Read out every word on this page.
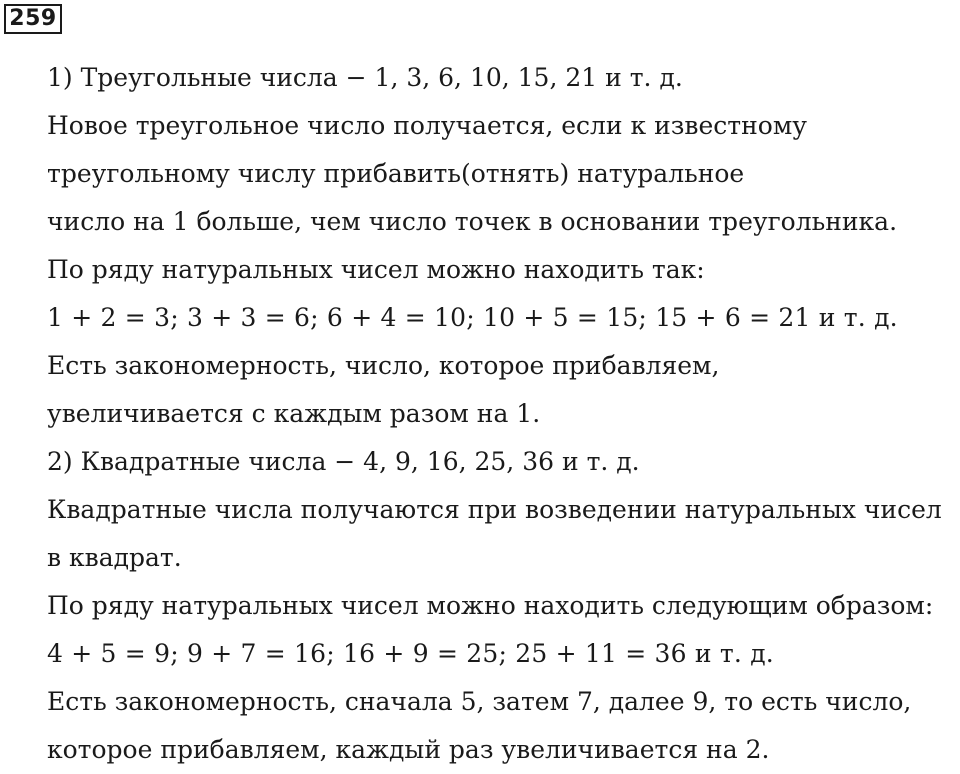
259
1) Треугольные числа − 1, 3, 6, 10, 15, 21 и т. д.
Новое треугольное число получается, если к известному
треугольному числу прибавить(отнять) натуральное
число на 1 больше, чем число точек в основании треугольника.
По ряду натуральных чисел можно находить так:
1 + 2 = 3; 3 + 3 = 6; 6 + 4 = 10; 10 + 5 = 15; 15 + 6 = 21 и т. д.
Есть закономерность, число, которое прибавляем,
увеличивается с каждым разом на 1.
2) Квадратные числа − 4, 9, 16, 25, 36 и т. д.
Квадратные числа получаются при возведении натуральных чисел
в квадрат.
По ряду натуральных чисел можно находить следующим образом:
4 + 5 = 9; 9 + 7 = 16; 16 + 9 = 25; 25 + 11 = 36 и т. д.
Есть закономерность, сначала 5, затем 7, далее 9, то есть число,
которое прибавляем, каждый раз увеличивается на 2.
